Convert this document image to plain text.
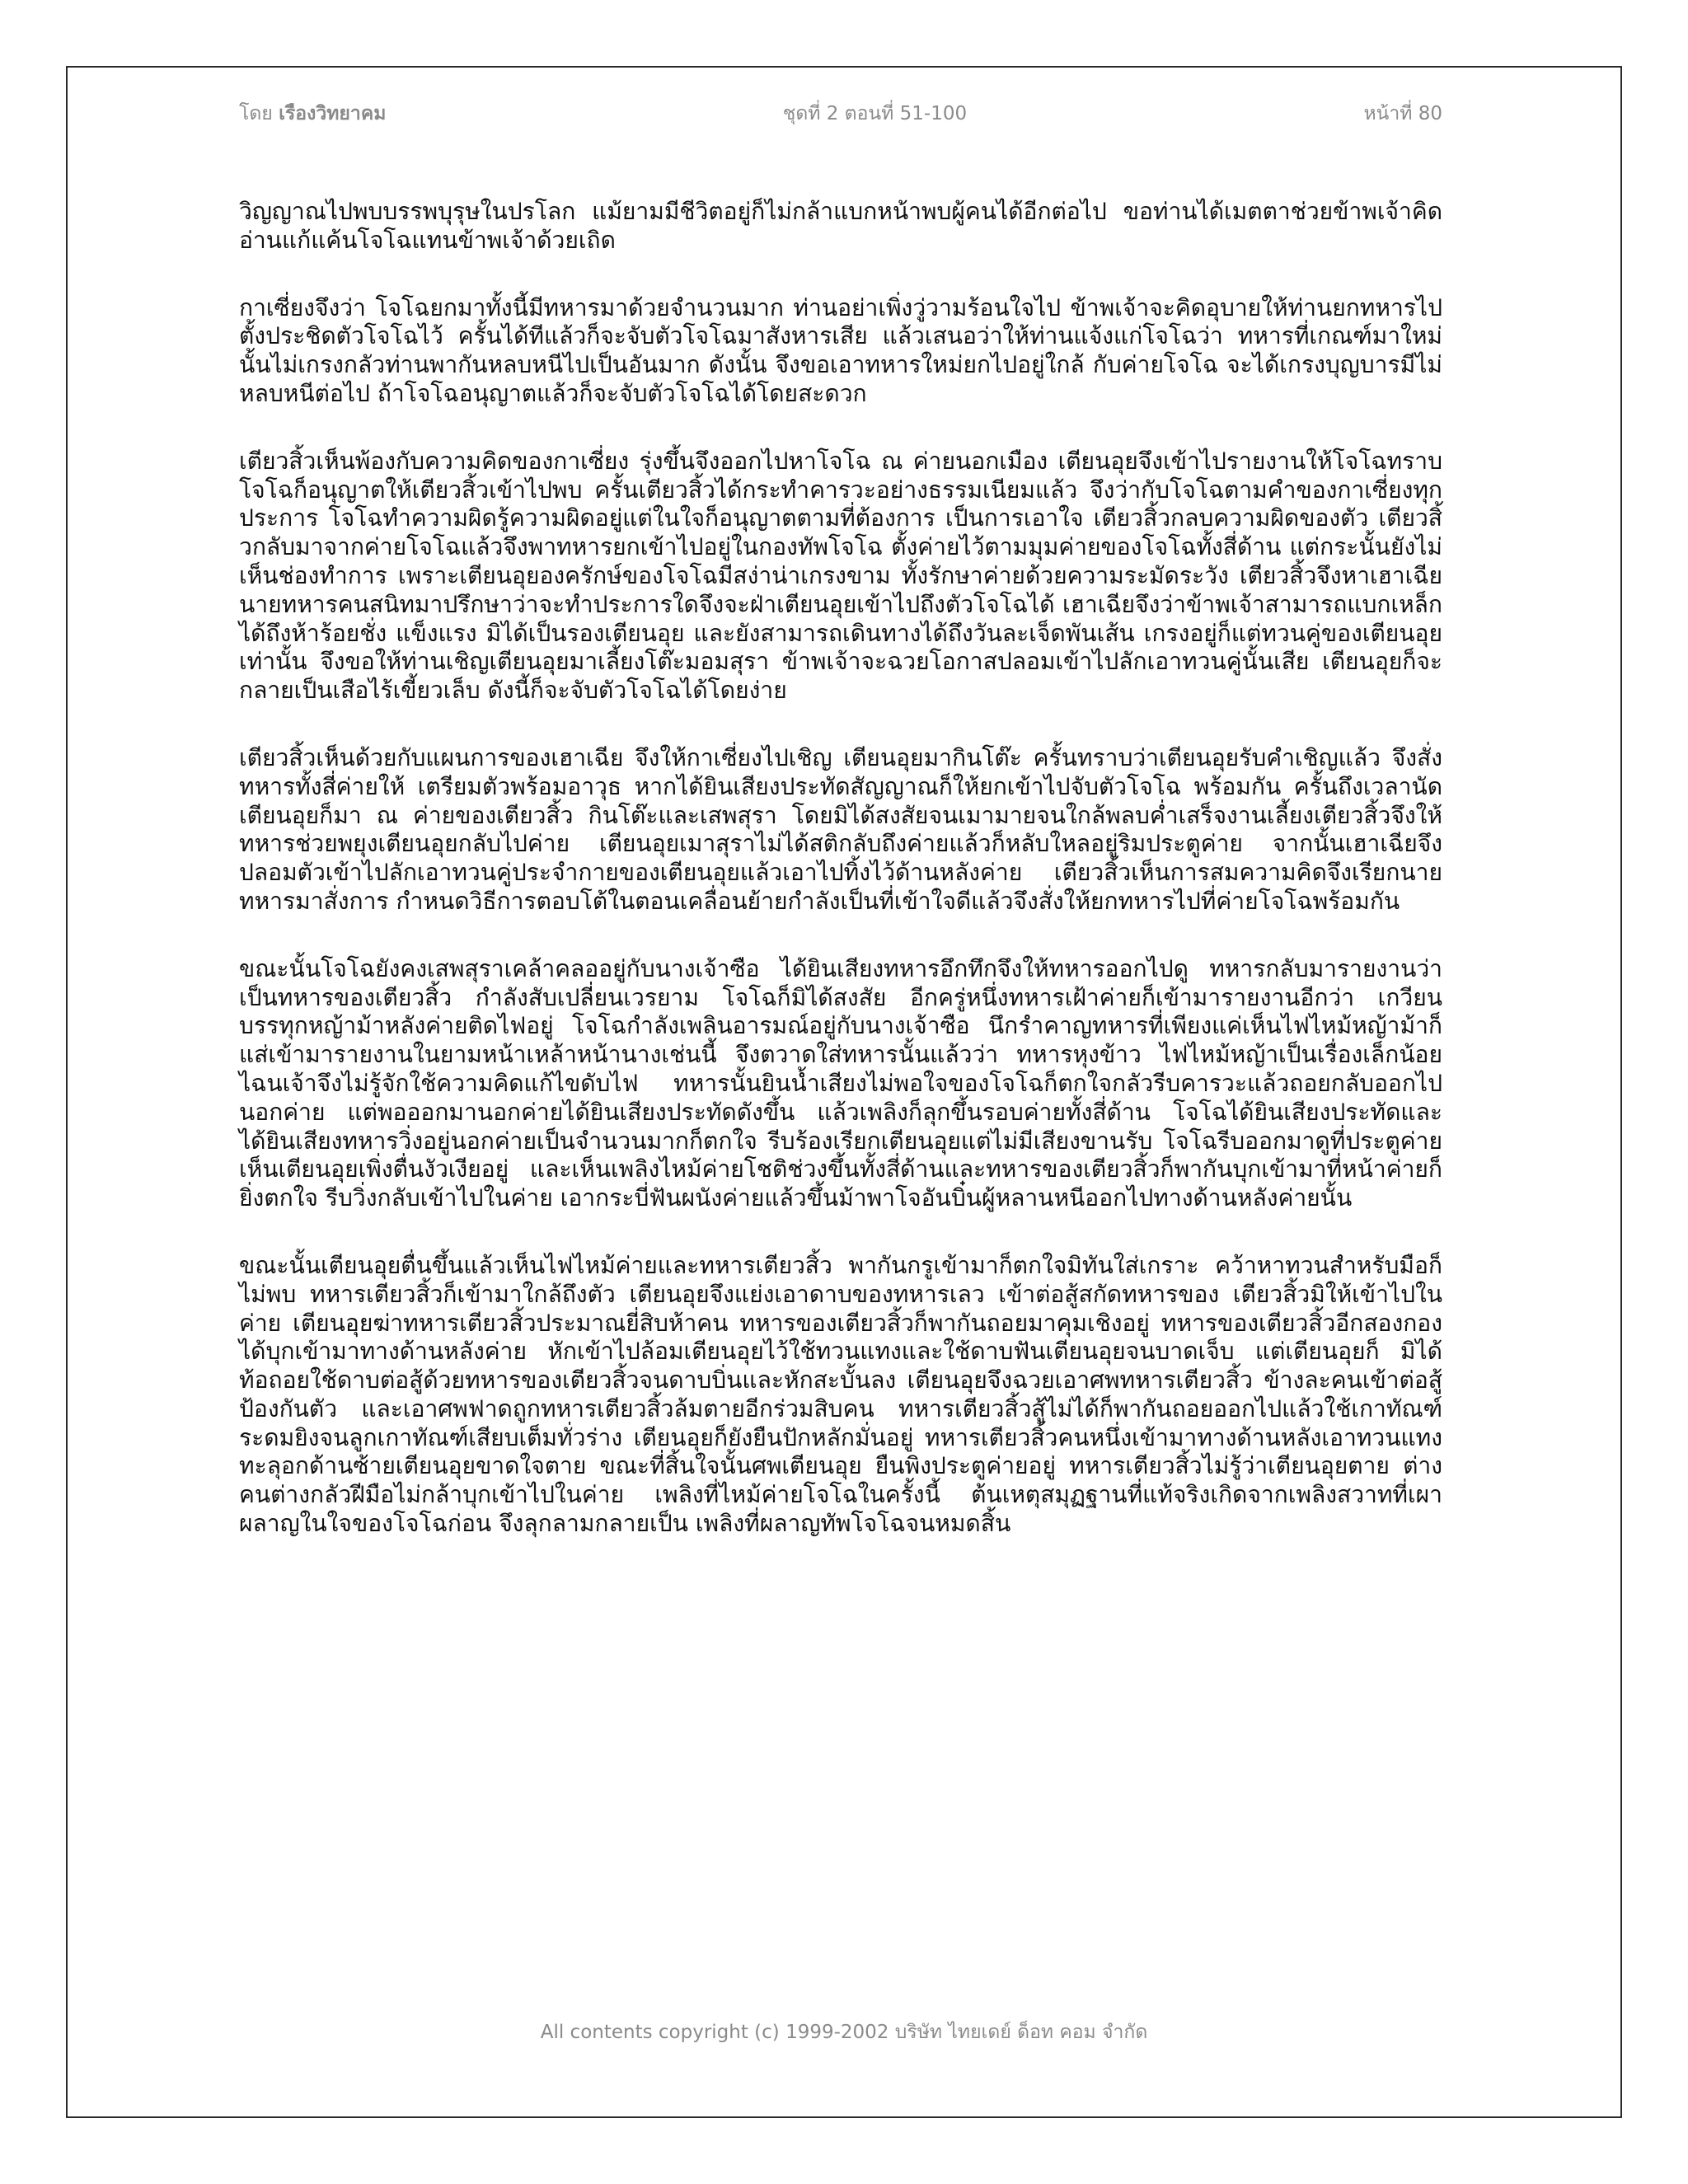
โดย เรืองวิทยาคม	ชุดที่ 2 ตอนที่ 51-100	หน้าที่ 80

วิญญาณไปพบบรรพบุรุษในปรโลก แม้ยามมีชีวิตอยู่ก็ไม่กล้าแบกหน้าพบผู้คนได้อีกต่อไป ขอท่านได้เมตตาช่วยข้าพเจ้าคิดอ่านแก้แค้นโจโฉแทนข้าพเจ้าด้วยเถิด

กาเซี่ยงจึงว่า โจโฉยกมาทั้งนี้มีทหารมาด้วยจำนวนมาก ท่านอย่าเพิ่งวู่วามร้อนใจไป ข้าพเจ้าจะคิดอุบายให้ท่านยกทหารไปตั้งประชิดตัวโจโฉไว้ ครั้นได้ทีแล้วก็จะจับตัวโจโฉมาสังหารเสีย แล้วเสนอว่าให้ท่านแจ้งแก่โจโฉว่า ทหารที่เกณฑ์มาใหม่นั้นไม่เกรงกลัวท่านพากันหลบหนีไปเป็นอันมาก ดังนั้น จึงขอเอาทหารใหม่ยกไปอยู่ใกล้ กับค่ายโจโฉ จะได้เกรงบุญบารมีไม่หลบหนีต่อไป ถ้าโจโฉอนุญาตแล้วก็จะจับตัวโจโฉได้โดยสะดวก

เตียวสิ้วเห็นพ้องกับความคิดของกาเซี่ยง รุ่งขึ้นจึงออกไปหาโจโฉ ณ ค่ายนอกเมือง เตียนอุยจึงเข้าไปรายงานให้โจโฉทราบ โจโฉก็อนุญาตให้เตียวสิ้วเข้าไปพบ ครั้นเตียวสิ้วได้กระทำคารวะอย่างธรรมเนียมแล้ว จึงว่ากับโจโฉตามคำของกาเซี่ยงทุกประการ โจโฉทำความผิดรู้ความผิดอยู่แต่ในใจก็อนุญาตตามที่ต้องการ เป็นการเอาใจ เตียวสิ้วกลบความผิดของตัว เตียวสิ้วกลับมาจากค่ายโจโฉแล้วจึงพาทหารยกเข้าไปอยู่ในกองทัพโจโฉ ตั้งค่ายไว้ตามมุมค่ายของโจโฉทั้งสี่ด้าน แต่กระนั้นยังไม่เห็นช่องทำการ เพราะเตียนอุยองครักษ์ของโจโฉมีสง่าน่าเกรงขาม ทั้งรักษาค่ายด้วยความระมัดระวัง เตียวสิ้วจึงหาเฮาเฉียนายทหารคนสนิทมาปรึกษาว่าจะทำประการใดจึงจะฝ่าเตียนอุยเข้าไปถึงตัวโจโฉได้ เฮาเฉียจึงว่าข้าพเจ้าสามารถแบกเหล็กได้ถึงห้าร้อยชั่ง แข็งแรง มิได้เป็นรองเตียนอุย และยังสามารถเดินทางได้ถึงวันละเจ็ดพันเส้น เกรงอยู่ก็แต่ทวนคู่ของเตียนอุยเท่านั้น จึงขอให้ท่านเชิญเตียนอุยมาเลี้ยงโต๊ะมอมสุรา ข้าพเจ้าจะฉวยโอกาสปลอมเข้าไปลักเอาทวนคู่นั้นเสีย เตียนอุยก็จะกลายเป็นเสือไร้เขี้ยวเล็บ ดังนี้ก็จะจับตัวโจโฉได้โดยง่าย

เตียวสิ้วเห็นด้วยกับแผนการของเฮาเฉีย จึงให้กาเซี่ยงไปเชิญ เตียนอุยมากินโต๊ะ ครั้นทราบว่าเตียนอุยรับคำเชิญแล้ว จึงสั่งทหารทั้งสี่ค่ายให้ เตรียมตัวพร้อมอาวุธ หากได้ยินเสียงประทัดสัญญาณก็ให้ยกเข้าไปจับตัวโจโฉ พร้อมกัน ครั้นถึงเวลานัด เตียนอุยก็มา ณ ค่ายของเตียวสิ้ว กินโต๊ะและเสพสุรา โดยมิได้สงสัยจนเมามายจนใกล้พลบค่ำเสร็จงานเลี้ยงเตียวสิ้วจึงให้ทหารช่วยพยุงเตียนอุยกลับไปค่าย เตียนอุยเมาสุราไม่ได้สติกลับถึงค่ายแล้วก็หลับใหลอยู่ริมประตูค่าย จากนั้นเฮาเฉียจึงปลอมตัวเข้าไปลักเอาทวนคู่ประจำกายของเตียนอุยแล้วเอาไปทิ้งไว้ด้านหลังค่าย เตียวสิ้วเห็นการสมความคิดจึงเรียกนายทหารมาสั่งการ กำหนดวิธีการตอบโต้ในตอนเคลื่อนย้ายกำลังเป็นที่เข้าใจดีแล้วจึงสั่งให้ยกทหารไปที่ค่ายโจโฉพร้อมกัน

ขณะนั้นโจโฉยังคงเสพสุราเคล้าคลออยู่กับนางเจ้าซือ ได้ยินเสียงทหารอึกทึกจึงให้ทหารออกไปดู ทหารกลับมารายงานว่าเป็นทหารของเตียวสิ้ว กำลังสับเปลี่ยนเวรยาม โจโฉก็มิได้สงสัย อีกครู่หนึ่งทหารเฝ้าค่ายก็เข้ามารายงานอีกว่า เกวียนบรรทุกหญ้าม้าหลังค่ายติดไฟอยู่ โจโฉกำลังเพลินอารมณ์อยู่กับนางเจ้าซือ นึกรำคาญทหารที่เพียงแค่เห็นไฟไหม้หญ้าม้าก็แส่เข้ามารายงานในยามหน้าเหล้าหน้านางเช่นนี้ จึงตวาดใส่ทหารนั้นแล้วว่า ทหารหุงข้าว ไฟไหม้หญ้าเป็นเรื่องเล็กน้อย ไฉนเจ้าจึงไม่รู้จักใช้ความคิดแก้ไขดับไฟ ทหารนั้นยินน้ำเสียงไม่พอใจของโจโฉก็ตกใจกลัวรีบคารวะแล้วถอยกลับออกไปนอกค่าย แต่พอออกมานอกค่ายได้ยินเสียงประทัดดังขึ้น แล้วเพลิงก็ลุกขึ้นรอบค่ายทั้งสี่ด้าน โจโฉได้ยินเสียงประทัดและได้ยินเสียงทหารวิ่งอยู่นอกค่ายเป็นจำนวนมากก็ตกใจ รีบร้องเรียกเตียนอุยแต่ไม่มีเสียงขานรับ โจโฉรีบออกมาดูที่ประตูค่ายเห็นเตียนอุยเพิ่งตื่นงัวเงียอยู่ และเห็นเพลิงไหม้ค่ายโชติช่วงขึ้นทั้งสี่ด้านและทหารของเตียวสิ้วก็พากันบุกเข้ามาที่หน้าค่ายก็ยิ่งตกใจ รีบวิ่งกลับเข้าไปในค่าย เอากระบี่ฟันผนังค่ายแล้วขึ้นม้าพาโจอันบิ๋นผู้หลานหนีออกไปทางด้านหลังค่ายนั้น

ขณะนั้นเตียนอุยตื่นขึ้นแล้วเห็นไฟไหม้ค่ายและทหารเตียวสิ้ว พากันกรูเข้ามาก็ตกใจมิทันใส่เกราะ คว้าหาทวนสำหรับมือก็ไม่พบ ทหารเตียวสิ้วก็เข้ามาใกล้ถึงตัว เตียนอุยจึงแย่งเอาดาบของทหารเลว เข้าต่อสู้สกัดทหารของ เตียวสิ้วมิให้เข้าไปในค่าย เตียนอุยฆ่าทหารเตียวสิ้วประมาณยี่สิบห้าคน ทหารของเตียวสิ้วก็พากันถอยมาคุมเชิงอยู่ ทหารของเตียวสิ้วอีกสองกองได้บุกเข้ามาทางด้านหลังค่าย หักเข้าไปล้อมเตียนอุยไว้ใช้ทวนแทงและใช้ดาบฟันเตียนอุยจนบาดเจ็บ แต่เตียนอุยก็ มิได้ท้อถอยใช้ดาบต่อสู้ด้วยทหารของเตียวสิ้วจนดาบบิ่นและหักสะบั้นลง เตียนอุยจึงฉวยเอาศพทหารเตียวสิ้ว ข้างละคนเข้าต่อสู้ป้องกันตัว และเอาศพฟาดถูกทหารเตียวสิ้วล้มตายอีกร่วมสิบคน ทหารเตียวสิ้วสู้ไม่ได้ก็พากันถอยออกไปแล้วใช้เกาทัณฑ์ระดมยิงจนลูกเกาทัณฑ์เสียบเต็มทั่วร่าง เตียนอุยก็ยังยืนปักหลักมั่นอยู่ ทหารเตียวสิ้วคนหนึ่งเข้ามาทางด้านหลังเอาทวนแทง ทะลุอกด้านซ้ายเตียนอุยขาดใจตาย ขณะที่สิ้นใจนั้นศพเตียนอุย ยืนพิงประตูค่ายอยู่ ทหารเตียวสิ้วไม่รู้ว่าเตียนอุยตาย ต่างคนต่างกลัวฝีมือไม่กล้าบุกเข้าไปในค่าย เพลิงที่ไหม้ค่ายโจโฉในครั้งนี้ ต้นเหตุสมุฏฐานที่แท้จริงเกิดจากเพลิงสวาทที่เผาผลาญในใจของโจโฉก่อน จึงลุกลามกลายเป็น เพลิงที่ผลาญทัพโจโฉจนหมดสิ้น

All contents copyright (c) 1999-2002 บริษัท ไทยเดย์ ด็อท คอม จำกัด
